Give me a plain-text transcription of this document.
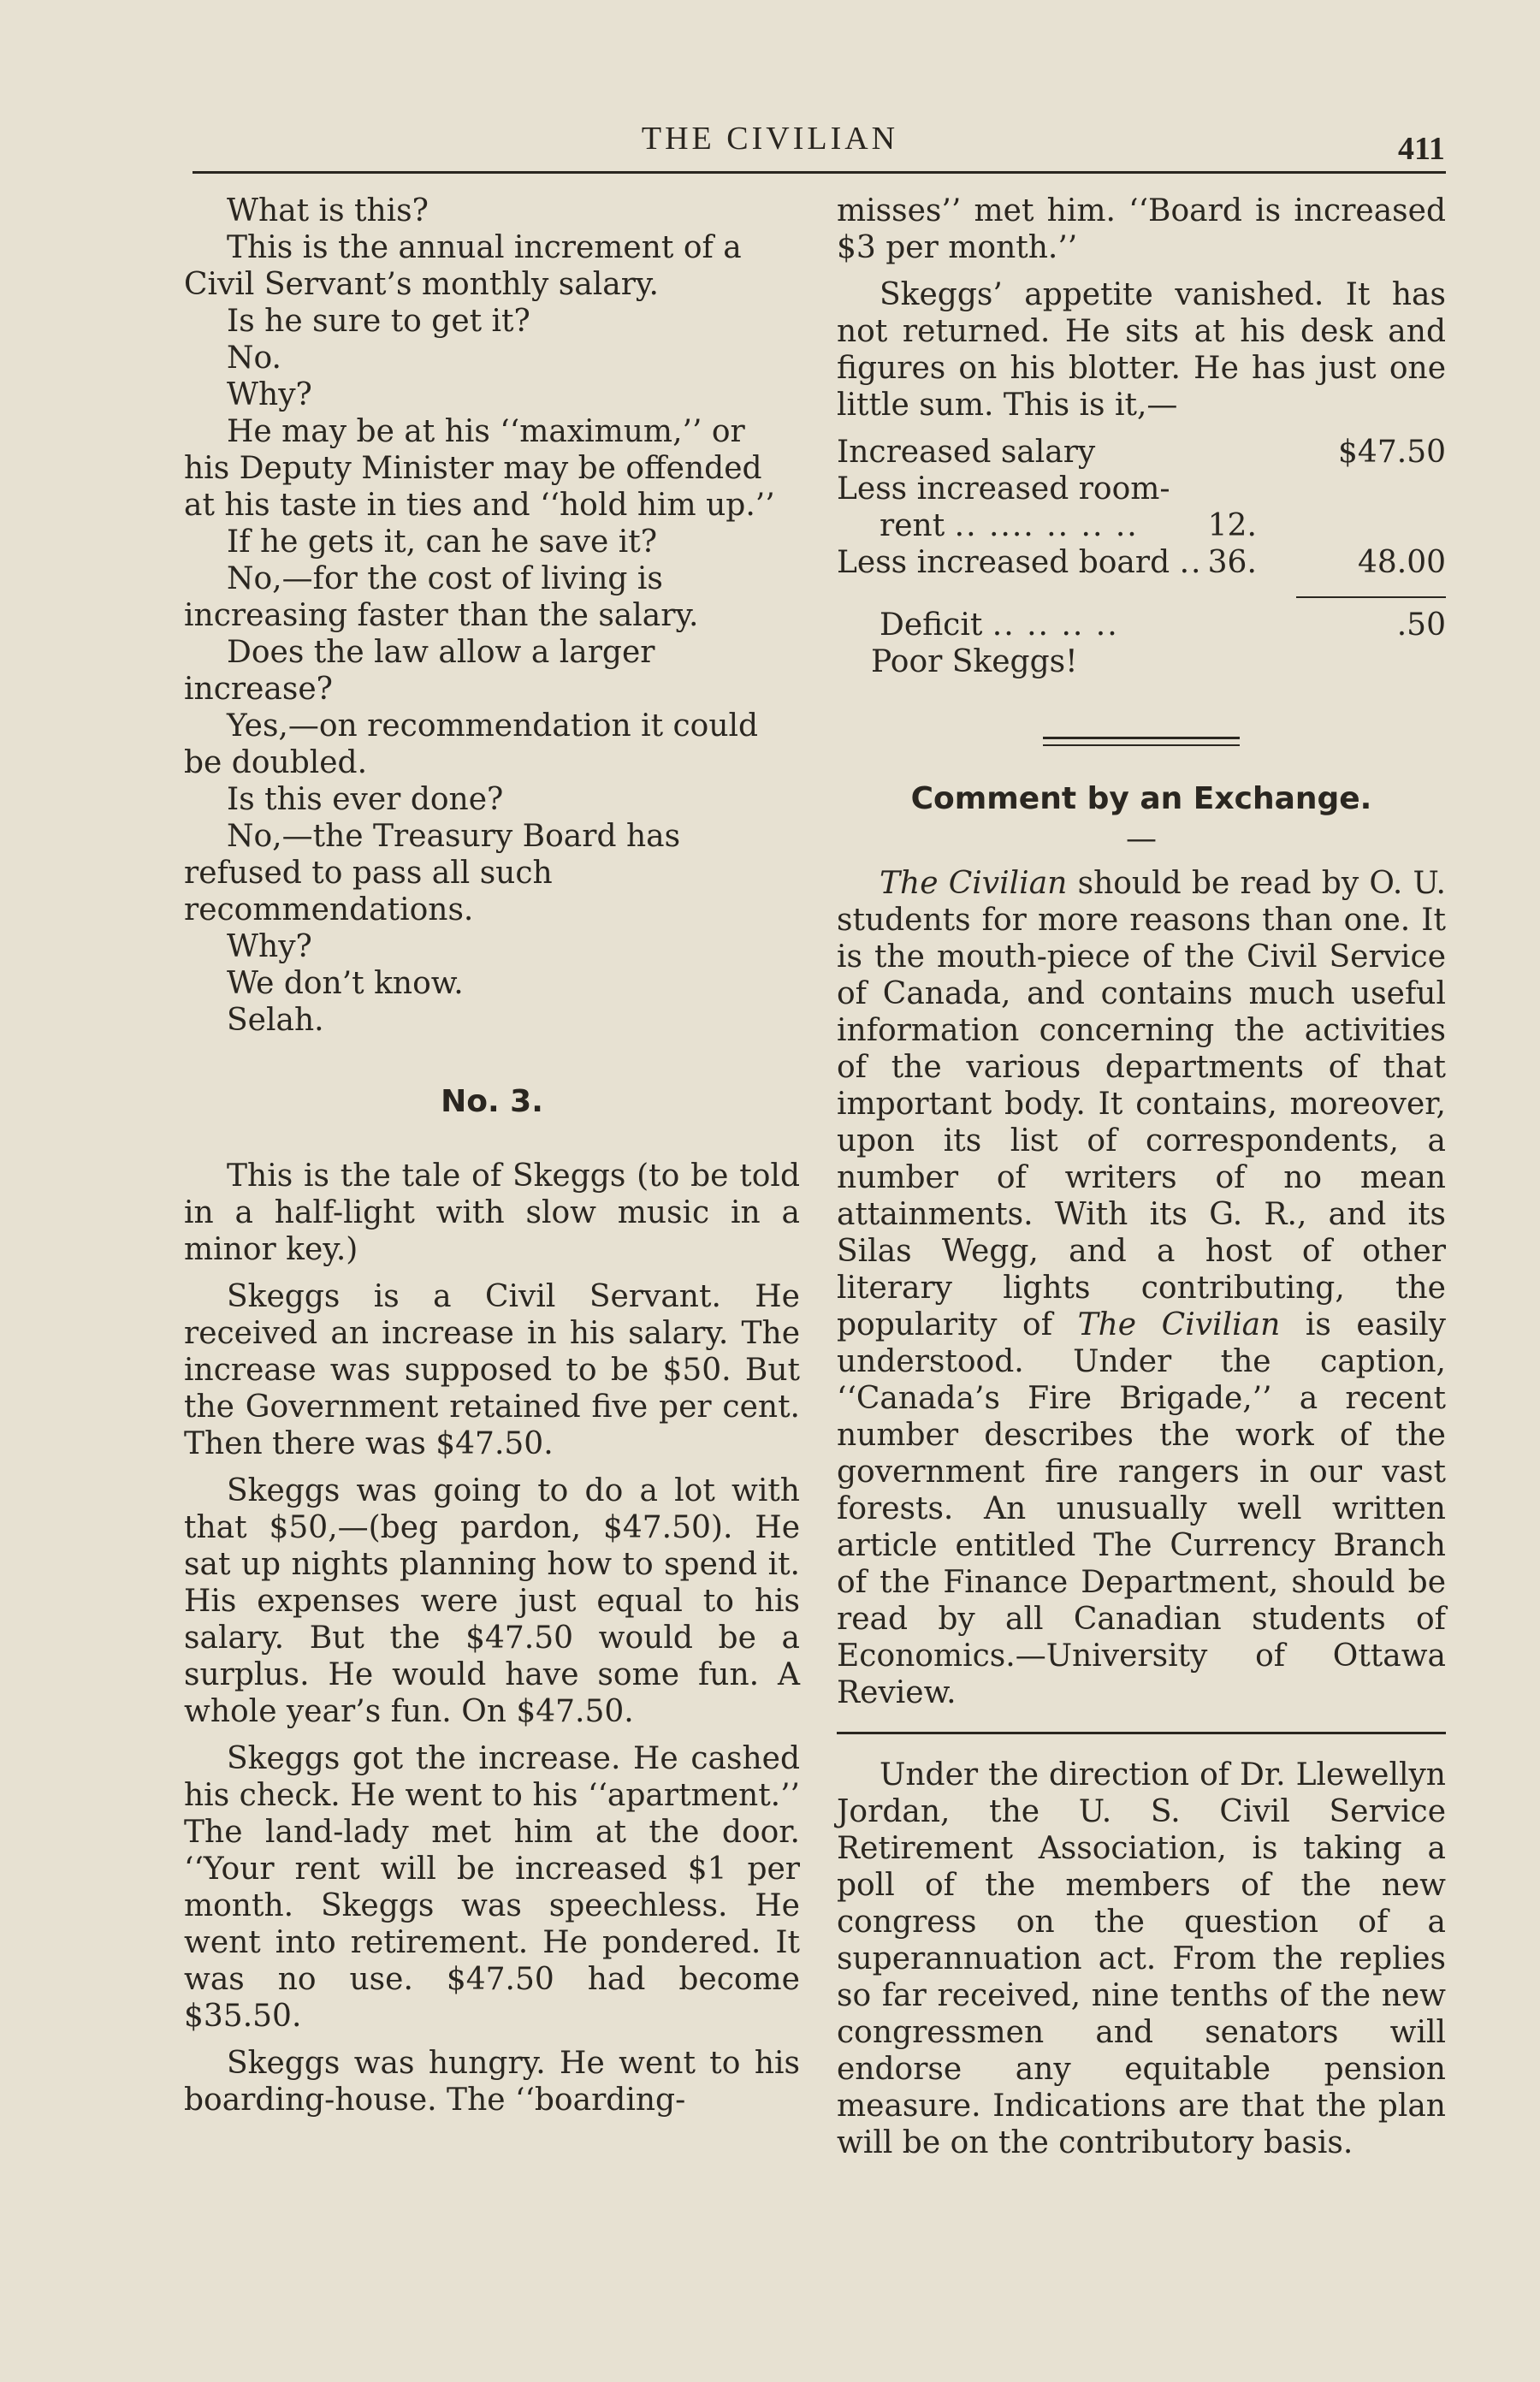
THE CIVILIAN	411

What is this?

This is the annual increment of a Civil Servant’s monthly salary.

Is he sure to get it?

No.

Why?

He may be at his ‘‘maximum,’’ or his Deputy Minister may be offended at his taste in ties and ‘‘hold him up.’’

If he gets it, can he save it?

No,—for the cost of living is increasing faster than the salary.

Does the law allow a larger increase?

Yes,—on recommendation it could be doubled.

Is this ever done?

No,—the Treasury Board has refused to pass all such recommendations.

Why?

We don’t know.

Selah.

No. 3.

This is the tale of Skeggs (to be told in a half-light with slow music in a minor key.)

Skeggs is a Civil Servant. He received an increase in his salary. The increase was supposed to be $50. But the Government retained five per cent. Then there was $47.50.

Skeggs was going to do a lot with that $50,—(beg pardon, $47.50). He sat up nights planning how to spend it. His expenses were just equal to his salary. But the $47.50 would be a surplus. He would have some fun. A whole year’s fun. On $47.50.

Skeggs got the increase. He cashed his check. He went to his ‘‘apartment.’’ The land-lady met him at the door. ‘‘Your rent will be increased $1 per month. Skeggs was speechless. He went into retirement. He pondered. It was no use. $47.50 had become $35.50.

Skeggs was hungry. He went to his boarding-house. The ‘‘boarding-

misses’’ met him. ‘‘Board is increased $3 per month.’’

Skeggs’ appetite vanished. It has not returned. He sits at his desk and figures on his blotter. He has just one little sum. This is it,—

Increased salary		$47.50
Less increased room-		
rent .. .... .. .. ..	12.	
Less increased board ..	36.	48.00

Deficit .. .. .. ..		.50

Poor Skeggs!

Comment by an Exchange.
—

The Civilian should be read by O. U. students for more reasons than one. It is the mouth-piece of the Civil Service of Canada, and contains much useful information concerning the activities of the various departments of that important body. It contains, moreover, upon its list of correspondents, a number of writers of no mean attainments. With its G. R., and its Silas Wegg, and a host of other literary lights contributing, the popularity of The Civilian is easily understood. Under the caption, ‘‘Canada’s Fire Brigade,’’ a recent number describes the work of the government fire rangers in our vast forests. An unusually well written article entitled The Currency Branch of the Finance Department, should be read by all Canadian students of Economics.—University of Ottawa Review.

Under the direction of Dr. Llewellyn Jordan, the U. S. Civil Service Retirement Association, is taking a poll of the members of the new congress on the question of a superannuation act. From the replies so far received, nine tenths of the new congressmen and senators will endorse any equitable pension measure. Indications are that the plan will be on the contributory basis.
